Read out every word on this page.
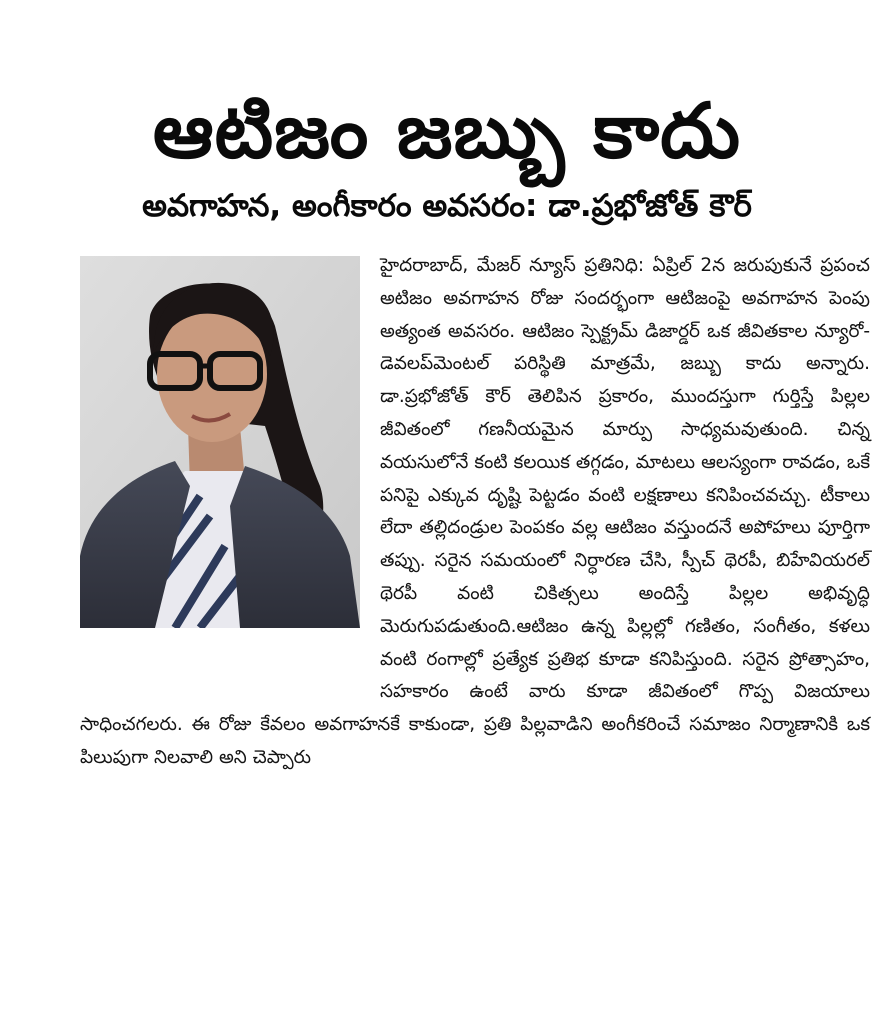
ఆటిజం జబ్బు కాదు
అవగాహన, అంగీకారం అవసరం: డా.ప్రభోజోత్ కౌర్

హైదరాబాద్, మేజర్ న్యూస్ ప్రతినిధి: ఏప్రిల్ 2న జరుపుకునే ప్రపంచ అటిజం అవగాహన రోజు సందర్భంగా ఆటిజంపై అవగాహన పెంపు అత్యంత అవసరం. ఆటిజం స్పెక్ట్రమ్ డిజార్డర్ ఒక జీవితకాల న్యూరో-డెవలప్‌మెంటల్ పరిస్థితి మాత్రమే, జబ్బు కాదు అన్నారు. డా.ప్రభోజోత్ కౌర్ తెలిపిన ప్రకారం, ముందస్తుగా గుర్తిస్తే పిల్లల జీవితంలో గణనీయమైన మార్పు సాధ్యమవుతుంది. చిన్న వయసులోనే కంటి కలయిక తగ్గడం, మాటలు ఆలస్యంగా రావడం, ఒకే పనిపై ఎక్కువ దృష్టి పెట్టడం వంటి లక్షణాలు కనిపించవచ్చు. టీకాలు లేదా తల్లిదండ్రుల పెంపకం వల్ల ఆటిజం వస్తుందనే అపోహలు పూర్తిగా తప్పు. సరైన సమయంలో నిర్ధారణ చేసి, స్పీచ్ థెరపీ, బిహేవియరల్ థెరపీ వంటి చికిత్సలు అందిస్తే పిల్లల అభివృద్ధి మెరుగుపడుతుంది.ఆటిజం ఉన్న పిల్లల్లో గణితం, సంగీతం, కళలు వంటి రంగాల్లో ప్రత్యేక ప్రతిభ కూడా కనిపిస్తుంది. సరైన ప్రోత్సాహం, సహకారం ఉంటే వారు కూడా జీవితంలో గొప్ప విజయాలు సాధించగలరు. ఈ రోజు కేవలం అవగాహనకే కాకుండా, ప్రతి పిల్లవాడిని అంగీకరించే సమాజం నిర్మాణానికి ఒక పిలుపుగా నిలవాలి అని చెప్పారు
